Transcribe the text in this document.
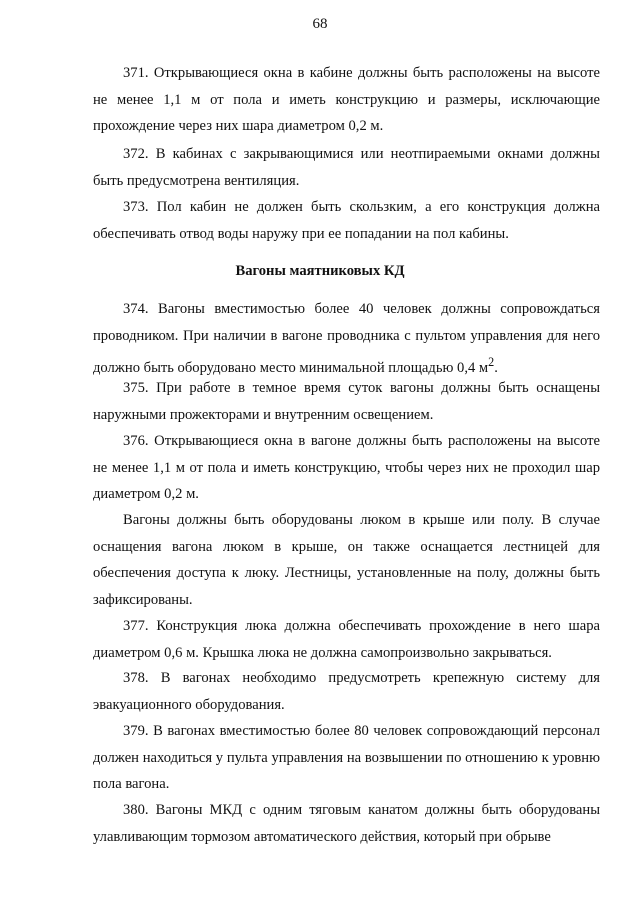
68

371. Открывающиеся окна в кабине должны быть расположены на высоте не менее 1,1 м от пола и иметь конструкцию и размеры, исключающие прохождение через них шара диаметром 0,2 м.

372. В кабинах с закрывающимися или неотпираемыми окнами должны быть предусмотрена вентиляция.

373. Пол кабин не должен быть скользким, а его конструкция должна обеспечивать отвод воды наружу при ее попадании на пол кабины.

Вагоны маятниковых КД

374. Вагоны вместимостью более 40 человек должны сопровождаться проводником. При наличии в вагоне проводника с пультом управления для него должно быть оборудовано место минимальной площадью 0,4 $м^2$.

375. При работе в темное время суток вагоны должны быть оснащены наружными прожекторами и внутренним освещением.

376. Открывающиеся окна в вагоне должны быть расположены на высоте не менее 1,1 м от пола и иметь конструкцию, чтобы через них не проходил шар диаметром 0,2 м.

Вагоны должны быть оборудованы люком в крыше или полу. В случае оснащения вагона люком в крыше, он также оснащается лестницей для обеспечения доступа к люку. Лестницы, установленные на полу, должны быть зафиксированы.

377. Конструкция люка должна обеспечивать прохождение в него шара диаметром 0,6 м. Крышка люка не должна самопроизвольно закрываться.

378. В вагонах необходимо предусмотреть крепежную систему для эвакуационного оборудования.

379. В вагонах вместимостью более 80 человек сопровождающий персонал должен находиться у пульта управления на возвышении по отношению к уровню пола вагона.

380. Вагоны МКД с одним тяговым канатом должны быть оборудованы улавливающим тормозом автоматического действия, который при обрыве
